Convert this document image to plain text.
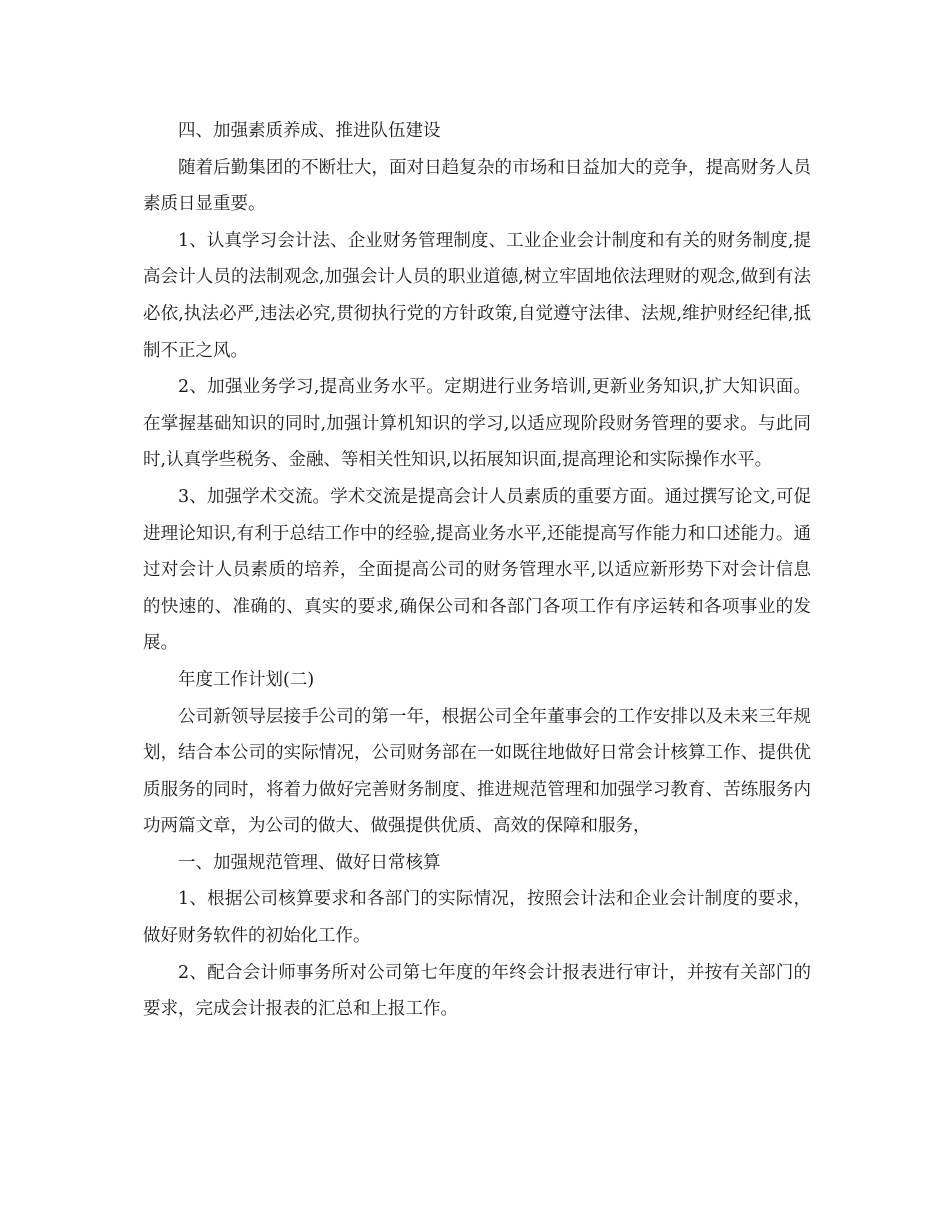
四、加强素质养成、推进队伍建设

随着后勤集团的不断壮大，面对日趋复杂的市场和日益加大的竞争，提高财务人员素质日显重要。

1、认真学习会计法、企业财务管理制度、工业企业会计制度和有关的财务制度,提高会计人员的法制观念,加强会计人员的职业道德,树立牢固地依法理财的观念,做到有法必依,执法必严,违法必究,贯彻执行党的方针政策,自觉遵守法律、法规,维护财经纪律,抵制不正之风。

2、加强业务学习,提高业务水平。定期进行业务培训,更新业务知识,扩大知识面。在掌握基础知识的同时,加强计算机知识的学习,以适应现阶段财务管理的要求。与此同时,认真学些税务、金融、等相关性知识,以拓展知识面,提高理论和实际操作水平。

3、加强学术交流。学术交流是提高会计人员素质的重要方面。通过撰写论文,可促进理论知识,有利于总结工作中的经验,提高业务水平,还能提高写作能力和口述能力。通过对会计人员素质的培养，全面提高公司的财务管理水平,以适应新形势下对会计信息的快速的、准确的、真实的要求,确保公司和各部门各项工作有序运转和各项事业的发展。

年度工作计划(二)

公司新领导层接手公司的第一年，根据公司全年董事会的工作安排以及未来三年规划，结合本公司的实际情况，公司财务部在一如既往地做好日常会计核算工作、提供优质服务的同时，将着力做好完善财务制度、推进规范管理和加强学习教育、苦练服务内功两篇文章，为公司的做大、做强提供优质、高效的保障和服务，

一、加强规范管理、做好日常核算

1、根据公司核算要求和各部门的实际情况，按照会计法和企业会计制度的要求，做好财务软件的初始化工作。

2、配合会计师事务所对公司第七年度的年终会计报表进行审计，并按有关部门的要求，完成会计报表的汇总和上报工作。
